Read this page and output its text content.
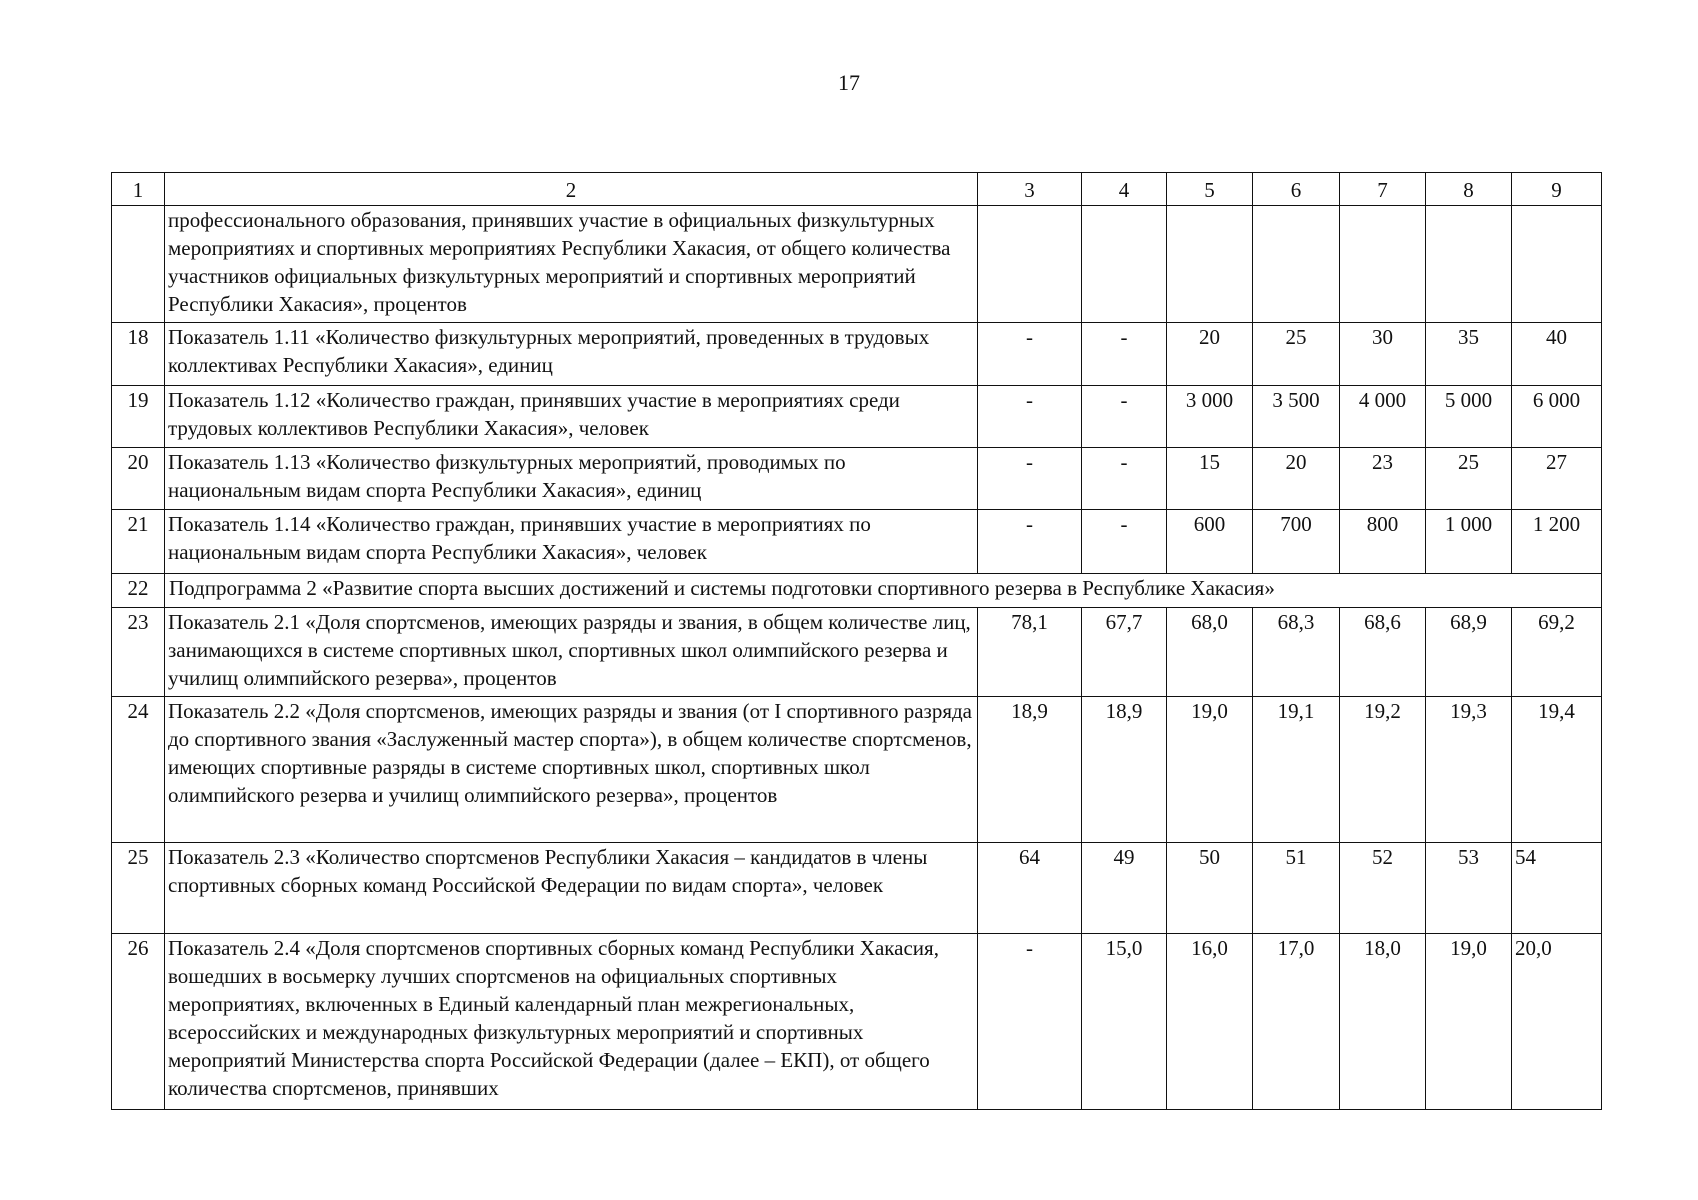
17
1	2	3	4	5	6	7	8	9
	профессионального образования, принявших участие в официальных физкультурных мероприятиях и спортивных мероприятиях Республики Хакасия, от общего количества участников официальных физкультурных мероприятий и спортивных мероприятий Республики Хакасия», процентов							
18	Показатель 1.11 «Количество физкультурных мероприятий, проведенных в трудовых коллективах Республики Хакасия», единиц	-	-	20	25	30	35	40
19	Показатель 1.12 «Количество граждан, принявших участие в мероприятиях среди трудовых коллективов Республики Хакасия», человек	-	-	3 000	3 500	4 000	5 000	6 000
20	Показатель 1.13 «Количество физкультурных мероприятий, проводимых по национальным видам спорта Республики Хакасия», единиц	-	-	15	20	23	25	27
21	Показатель 1.14 «Количество граждан, принявших участие в мероприятиях по национальным видам спорта Республики Хакасия», человек	-	-	600	700	800	1 000	1 200
22	Подпрограмма 2 «Развитие спорта высших достижений и системы подготовки спортивного резерва в Республике Хакасия»							
23	Показатель 2.1 «Доля спортсменов, имеющих разряды и звания, в общем количестве лиц, занимающихся в системе спортивных школ, спортивных школ олимпийского резерва и училищ олимпийского резерва», процентов	78,1	67,7	68,0	68,3	68,6	68,9	69,2
24	Показатель 2.2 «Доля спортсменов, имеющих разряды и звания (от I спортивного разряда до спортивного звания «Заслуженный мастер спорта»), в общем количестве спортсменов, имеющих спортивные разряды в системе спортивных школ, спортивных школ олимпийского резерва и училищ олимпийского резерва», процентов	18,9	18,9	19,0	19,1	19,2	19,3	19,4
25	Показатель 2.3 «Количество спортсменов Республики Хакасия – кандидатов в члены спортивных сборных команд Российской Федерации по видам спорта», человек	64	49	50	51	52	53	54
26	Показатель 2.4 «Доля спортсменов спортивных сборных команд Республики Хакасия, вошедших в восьмерку лучших спортсменов на официальных спортивных мероприятиях, включенных в Единый календарный план межрегиональных, всероссийских и международных физкультурных мероприятий и спортивных мероприятий Министерства спорта Российской Федерации (далее – ЕКП), от общего количества спортсменов, принявших	-	15,0	16,0	17,0	18,0	19,0	20,0
